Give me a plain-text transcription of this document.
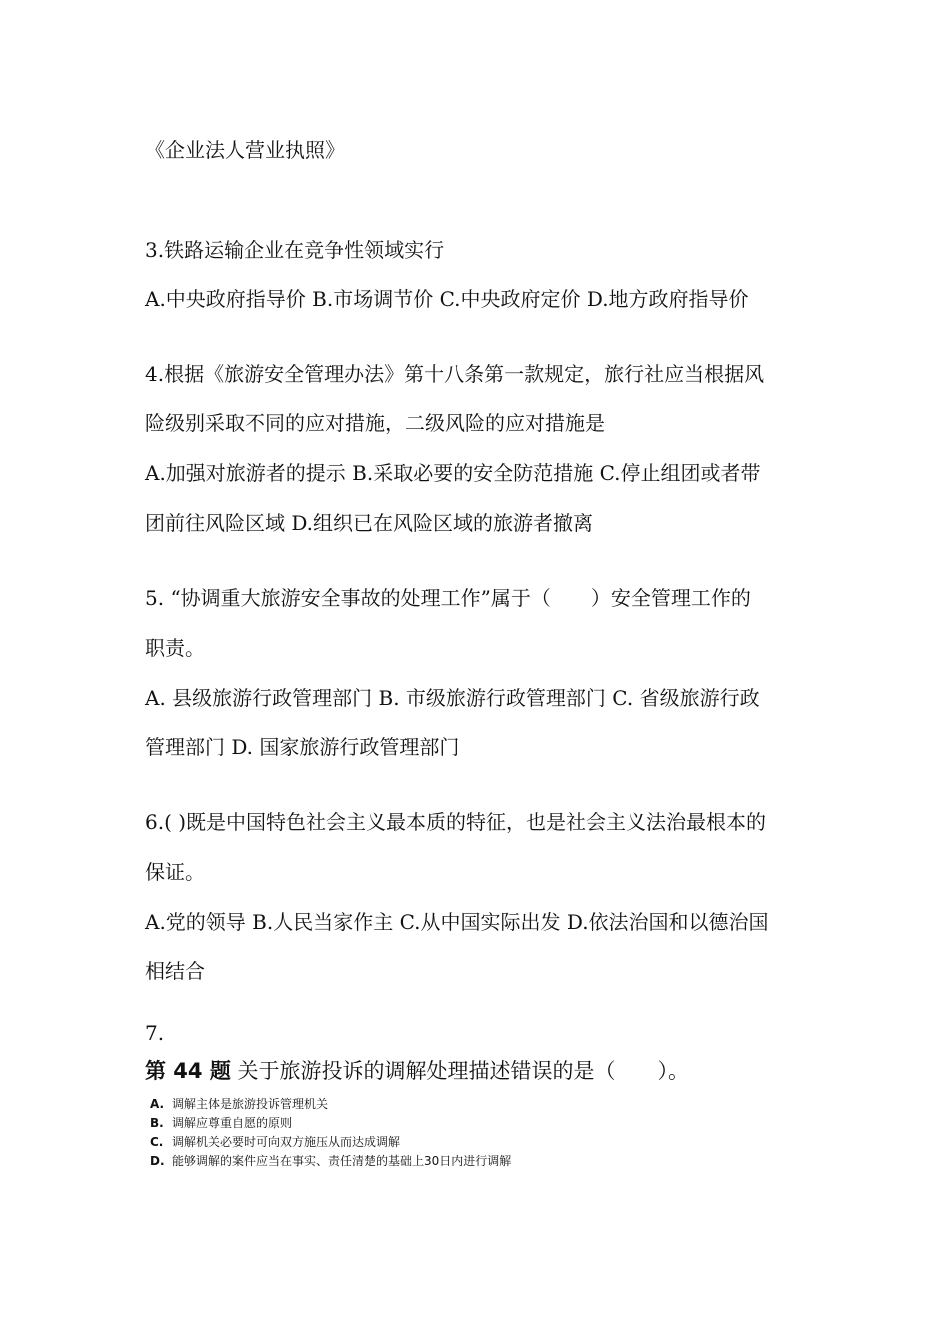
《企业法人营业执照》
3.铁路运输企业在竞争性领域实行
A.中央政府指导价 B.市场调节价 C.中央政府定价 D.地方政府指导价
4.根据《旅游安全管理办法》第十八条第一款规定，旅行社应当根据风
险级别采取不同的应对措施，二级风险的应对措施是
A.加强对旅游者的提示 B.采取必要的安全防范措施 C.停止组团或者带
团前往风险区域 D.组织已在风险区域的旅游者撤离
5. “协调重大旅游安全事故的处理工作”属于（　　）安全管理工作的
职责。
A. 县级旅游行政管理部门 B. 市级旅游行政管理部门 C. 省级旅游行政
管理部门 D. 国家旅游行政管理部门
6.( )既是中国特色社会主义最本质的特征，也是社会主义法治最根本的
保证。
A.党的领导 B.人民当家作主 C.从中国实际出发 D.依法治国和以德治国
相结合
7.
第 44 题 关于旅游投诉的调解处理描述错误的是（　　）。
A. 调解主体是旅游投诉管理机关
B. 调解应尊重自愿的原则
C. 调解机关必要时可向双方施压从而达成调解
D. 能够调解的案件应当在事实、责任清楚的基础上30日内进行调解
